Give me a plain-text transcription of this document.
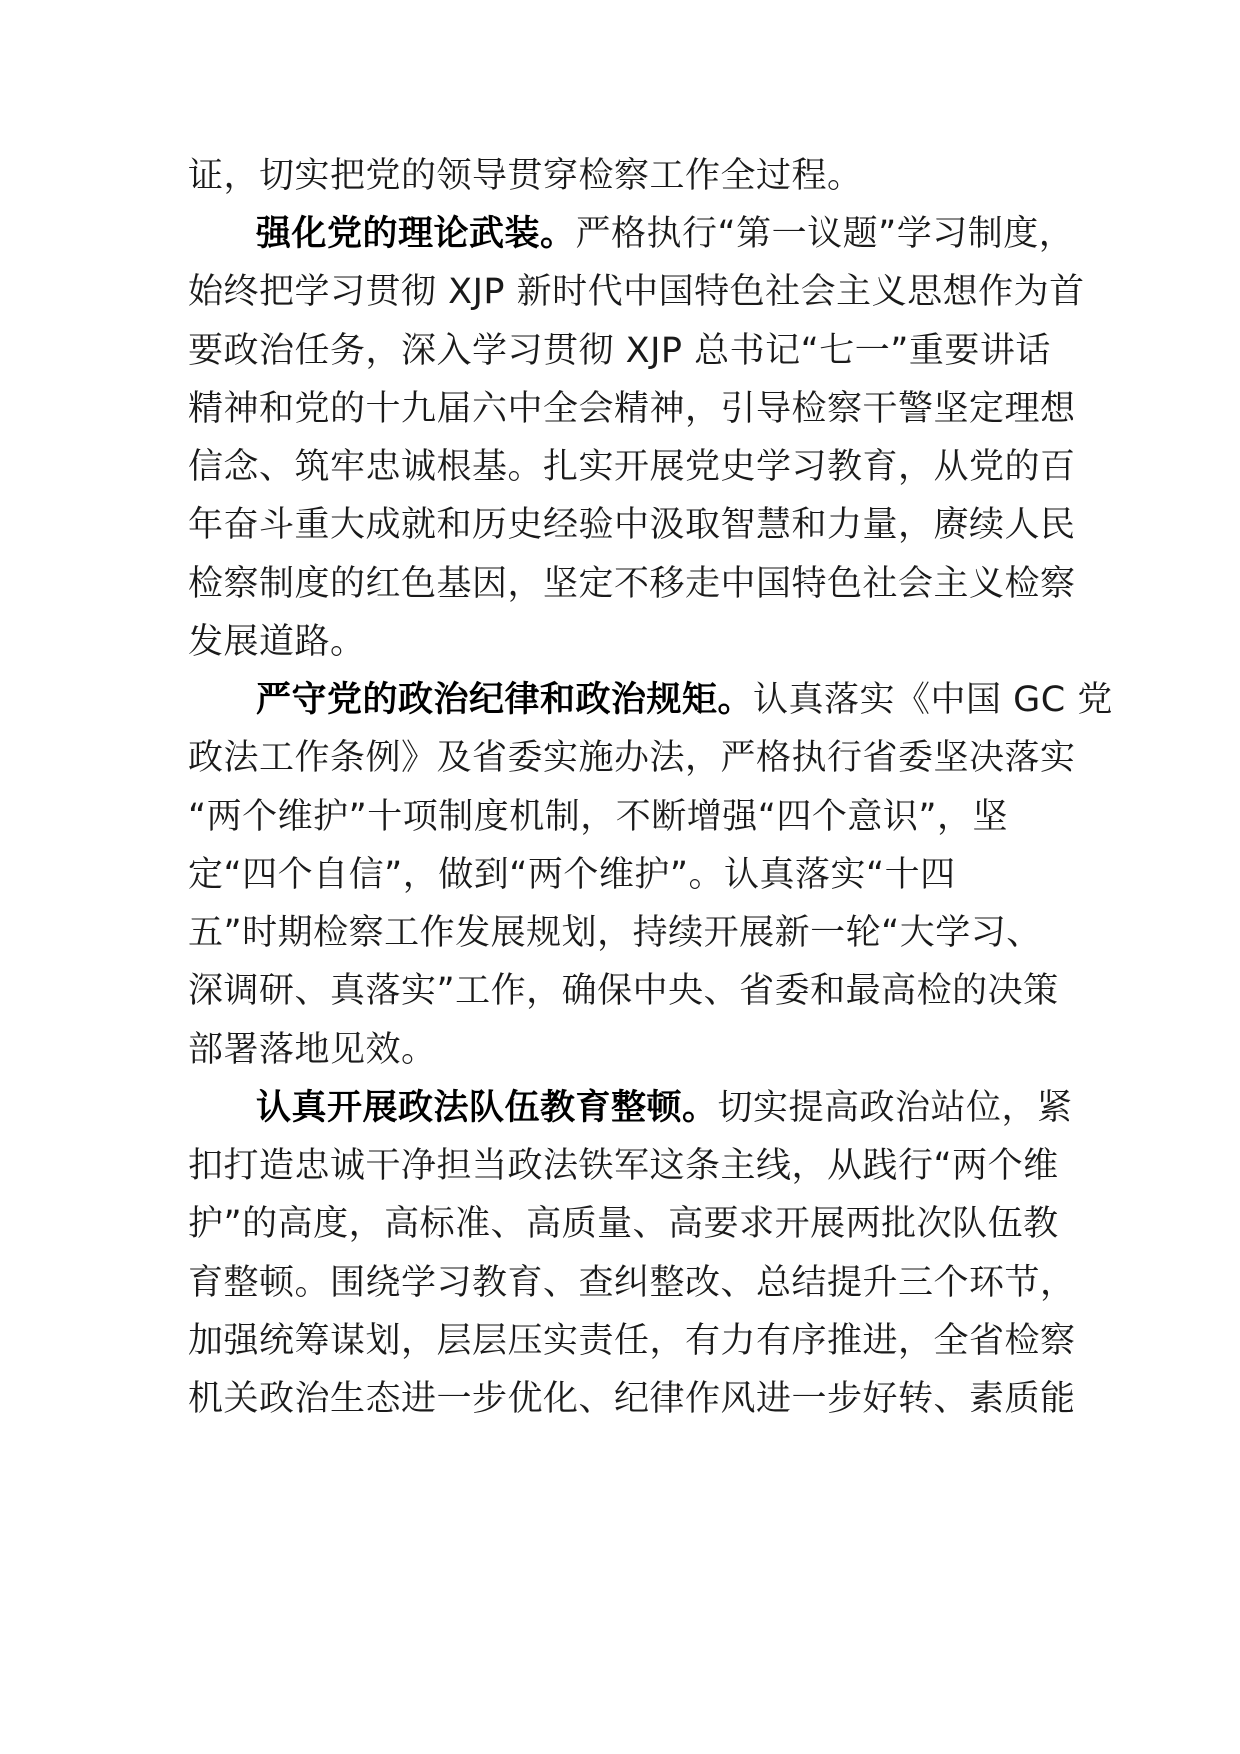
证，切实把党的领导贯穿检察工作全过程。
强化党的理论武装。严格执行“第一议题”学习制度，
始终把学习贯彻 XJP 新时代中国特色社会主义思想作为首
要政治任务，深入学习贯彻 XJP 总书记“七一”重要讲话
精神和党的十九届六中全会精神，引导检察干警坚定理想
信念、筑牢忠诚根基。扎实开展党史学习教育，从党的百
年奋斗重大成就和历史经验中汲取智慧和力量，赓续人民
检察制度的红色基因，坚定不移走中国特色社会主义检察
发展道路。
严守党的政治纪律和政治规矩。认真落实《中国 GC 党
政法工作条例》及省委实施办法，严格执行省委坚决落实
“两个维护”十项制度机制，不断增强“四个意识”，坚
定“四个自信”，做到“两个维护”。认真落实“十四
五”时期检察工作发展规划，持续开展新一轮“大学习、
深调研、真落实”工作，确保中央、省委和最高检的决策
部署落地见效。
认真开展政法队伍教育整顿。切实提高政治站位，紧
扣打造忠诚干净担当政法铁军这条主线，从践行“两个维
护”的高度，高标准、高质量、高要求开展两批次队伍教
育整顿。围绕学习教育、查纠整改、总结提升三个环节，
加强统筹谋划，层层压实责任，有力有序推进，全省检察
机关政治生态进一步优化、纪律作风进一步好转、素质能
